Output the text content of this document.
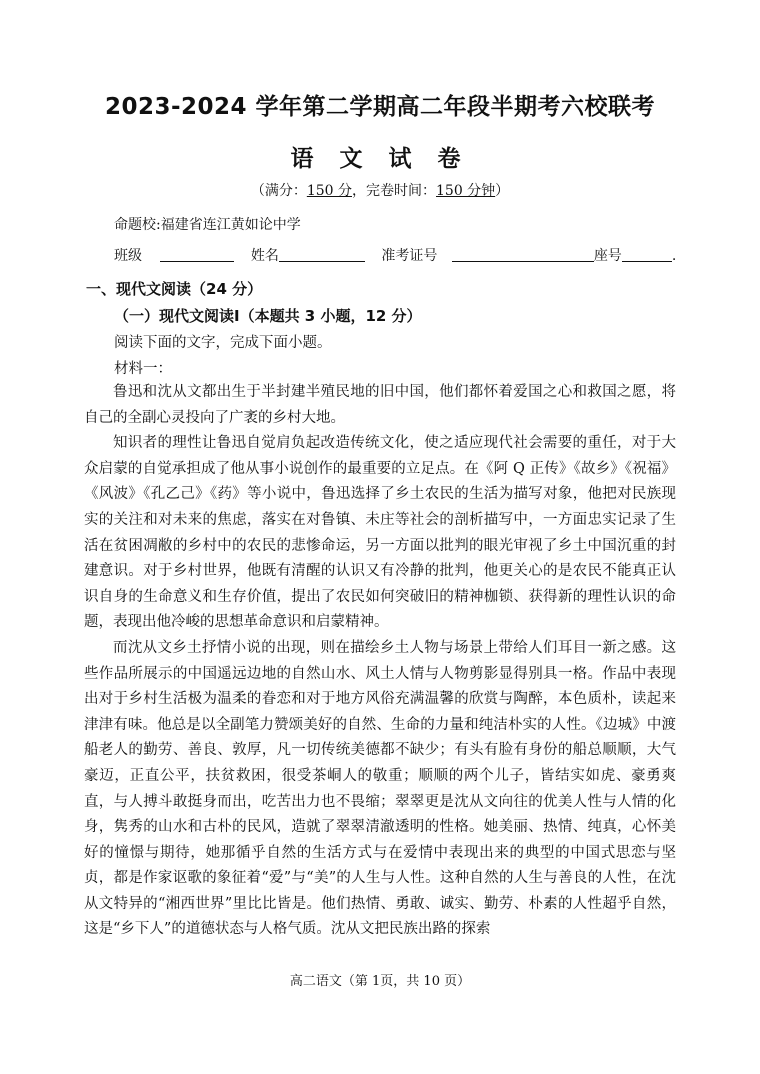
2023-2024 学年第二学期高二年段半期考六校联考
语 文 试 卷
（满分：150 分，完卷时间：150 分钟）
命题校:福建省连江黄如论中学
班级	姓名	准考证号	座号	.
一、现代文阅读（24 分）
（一）现代文阅读Ⅰ（本题共 3 小题，12 分）
阅读下面的文字，完成下面小题。
材料一：

鲁迅和沈从文都出生于半封建半殖民地的旧中国，他们都怀着爱国之心和救国之愿，将自己的全副心灵投向了广袤的乡村大地。

知识者的理性让鲁迅自觉肩负起改造传统文化，使之适应现代社会需要的重任，对于大众启蒙的自觉承担成了他从事小说创作的最重要的立足点。在《阿 Q 正传》《故乡》《祝福》《风波》《孔乙己》《药》等小说中，鲁迅选择了乡土农民的生活为描写对象，他把对民族现实的关注和对未来的焦虑，落实在对鲁镇、未庄等社会的剖析描写中，一方面忠实记录了生活在贫困凋敝的乡村中的农民的悲惨命运，另一方面以批判的眼光审视了乡土中国沉重的封建意识。对于乡村世界，他既有清醒的认识又有冷静的批判，他更关心的是农民不能真正认识自身的生命意义和生存价值，提出了农民如何突破旧的精神枷锁、获得新的理性认识的命题，表现出他冷峻的思想革命意识和启蒙精神。

而沈从文乡土抒情小说的出现，则在描绘乡土人物与场景上带给人们耳目一新之感。这些作品所展示的中国遥远边地的自然山水、风土人情与人物剪影显得别具一格。作品中表现出对于乡村生活极为温柔的眷恋和对于地方风俗充满温馨的欣赏与陶醉，本色质朴，读起来津津有味。他总是以全副笔力赞颂美好的自然、生命的力量和纯洁朴实的人性。《边城》中渡船老人的勤劳、善良、敦厚，凡一切传统美德都不缺少；有头有脸有身份的船总顺顺，大气豪迈，正直公平，扶贫救困，很受茶峒人的敬重；顺顺的两个儿子，皆结实如虎、豪勇爽直，与人搏斗敢挺身而出，吃苦出力也不畏缩；翠翠更是沈从文向往的优美人性与人情的化身，隽秀的山水和古朴的民风，造就了翠翠清澈透明的性格。她美丽、热情、纯真，心怀美好的憧憬与期待，她那循乎自然的生活方式与在爱情中表现出来的典型的中国式思恋与坚贞，都是作家讴歌的象征着“爱”与“美”的人生与人性。这种自然的人生与善良的人性，在沈从文特异的“湘西世界”里比比皆是。他们热情、勇敢、诚实、勤劳、朴素的人性超乎自然，这是“乡下人”的道德状态与人格气质。沈从文把民族出路的探索

高二语文（第 1页，共 10 页）
